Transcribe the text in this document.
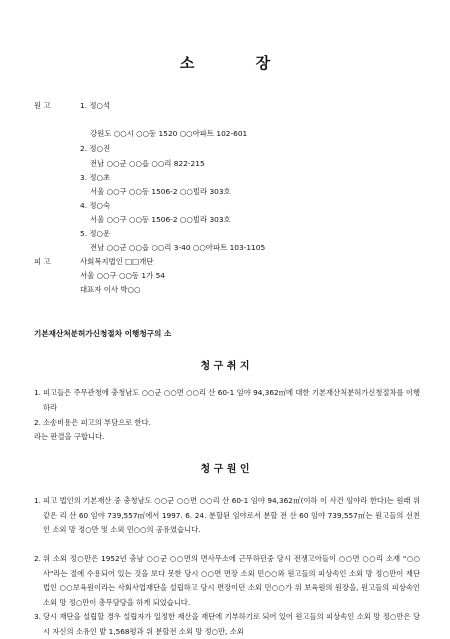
소 장
원 고	1. 정○석
강원도 ○○시 ○○동 1520 ○○아파트 102-601
2. 정○진
전남 ○○군 ○○읍 ○○리 822-215
3. 정○초
서울 ○○구 ○○동 1506-2 ○○빌라 303호
4. 정○숙
서울 ○○구 ○○동 1506-2 ○○빌라 303호
5. 정○운
전남 ○○군 ○○읍 ○○리 3-40 ○○아파트 103-1105
피 고	사회복지법인 □□개단
서울 ○○구 ○○동 1가 54
대표자 이사 박○○
기본재산처분허가신청절차 이행청구의 소
청 구 취 지
1. 피고들은 주무관청에 충청남도 ○○군 ○○면 ○○리 산 60-1 임야 94,362㎡에 대한 기본재산처분허가신청절차를 이행하라
2. 소송비용은 피고의 부담으로 한다.
라는 판결을 구합니다.
청 구 원 인
1. 피고 법인의 기본재산 중 충청남도 ○○군 ○○면 ○○리 산 60-1 임야 94,362㎡(이하 이 사건 임야라 한다)는 원래 위 같은 리 산 60 임야 739,557㎡에서 1997. 6. 24. 분할된 임야로서 분할 전 산 60 임야 739,557㎡는 원고들의 선친인 소외 망 정○만 및 소외 민○○의 공유였습니다.
2. 위 소외 정○만은 1952년 충남 ○○군 ○○면의 면사무소에 근무하던중 당시 전쟁고아들이 ○○면 ○○리 소재 "○○사"라는 절에 수용되어 있는 것을 보다 못한 당시 ○○면 면장 소외 민○○와 원고들의 피상속인 소외 망 정○만이 재단법인 ○○보육원이라는 사회사업재단을 설립하고 당시 면장이던 소외 민○○가 위 보육원의 원장을, 원고들의 피상속인 소외 망 정○만이 총무담당을 하게 되었습니다.
3. 당시 재단을 설립할 경우 설립자가 일정한 재산을 재단에 기부하기로 되어 있어 원고들의 피상속인 소외 망 정○만은 당시 자신의 소유인 밭 1,568평과 위 분할전 소외 망 정○만, 소외
